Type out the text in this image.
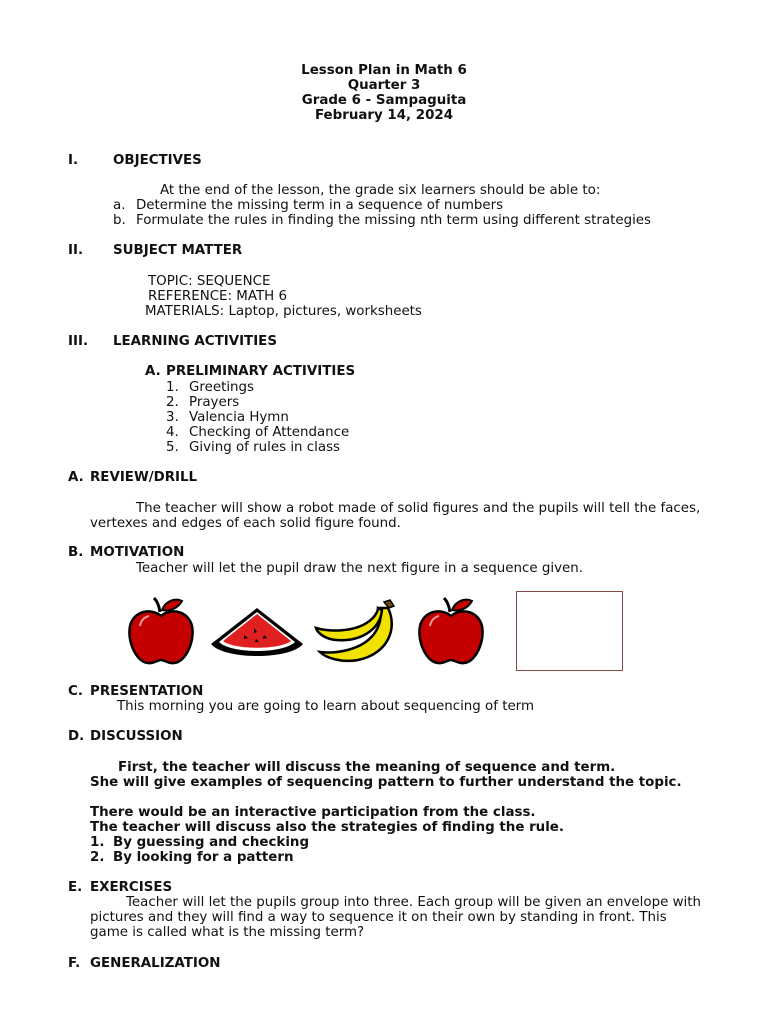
Lesson Plan in Math 6
Quarter 3
Grade 6 - Sampaguita
February 14, 2024
I.	OBJECTIVES
At the end of the lesson, the grade six learners should be able to:
a. Determine the missing term in a sequence of numbers
b. Formulate the rules in finding the missing nth term using different strategies
II. SUBJECT MATTER
TOPIC: SEQUENCE
REFERENCE: MATH 6
MATERIALS: Laptop, pictures, worksheets
III. LEARNING ACTIVITIES
A. PRELIMINARY ACTIVITIES
1. Greetings
2. Prayers
3. Valencia Hymn
4. Checking of Attendance
5. Giving of rules in class
A. REVIEW/DRILL
The teacher will show a robot made of solid figures and the pupils will tell the faces,
vertexes and edges of each solid figure found.
B. MOTIVATION
Teacher will let the pupil draw the next figure in a sequence given.
C. PRESENTATION
This morning you are going to learn about sequencing of term
D. DISCUSSION
First, the teacher will discuss the meaning of sequence and term.
She will give examples of sequencing pattern to further understand the topic.
There would be an interactive participation from the class.
The teacher will discuss also the strategies of finding the rule.
1. By guessing and checking
2. By looking for a pattern
E. EXERCISES
Teacher will let the pupils group into three. Each group will be given an envelope with
pictures and they will find a way to sequence it on their own by standing in front. This
game is called what is the missing term?
F. GENERALIZATION
